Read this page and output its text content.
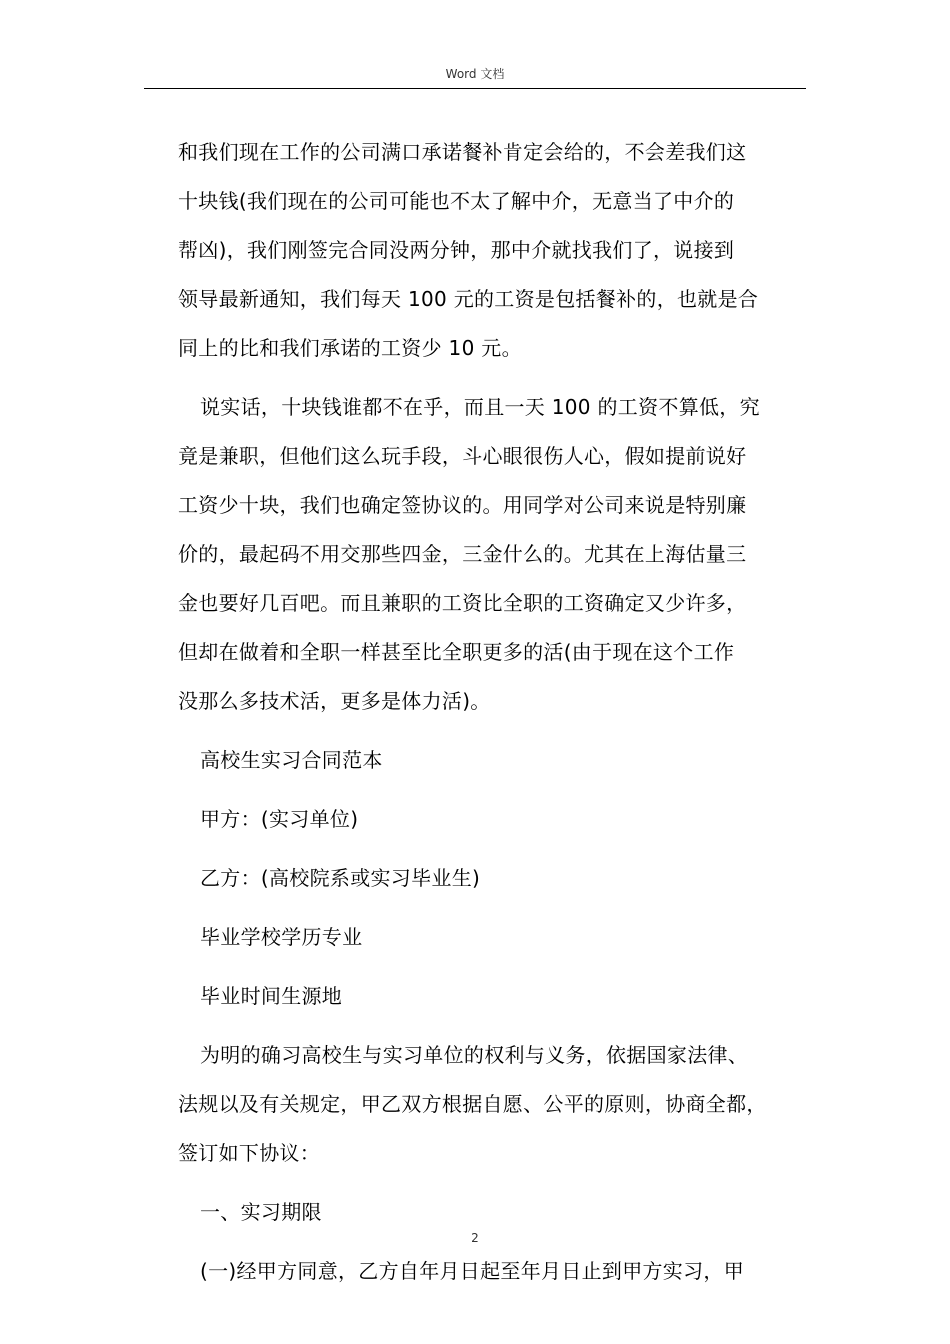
Word 文档

和我们现在工作的公司满口承诺餐补肯定会给的，不会差我们这
十块钱(我们现在的公司可能也不太了解中介，无意当了中介的
帮凶)，我们刚签完合同没两分钟，那中介就找我们了，说接到
领导最新通知，我们每天 100 元的工资是包括餐补的，也就是合
同上的比和我们承诺的工资少 10 元。

说实话，十块钱谁都不在乎，而且一天 100 的工资不算低，究
竟是兼职，但他们这么玩手段，斗心眼很伤人心，假如提前说好
工资少十块，我们也确定签协议的。用同学对公司来说是特别廉
价的，最起码不用交那些四金，三金什么的。尤其在上海估量三
金也要好几百吧。而且兼职的工资比全职的工资确定又少许多，
但却在做着和全职一样甚至比全职更多的活(由于现在这个工作
没那么多技术活，更多是体力活)。

高校生实习合同范本

甲方：(实习单位)

乙方：(高校院系或实习毕业生)

毕业学校学历专业

毕业时间生源地

为明的确习高校生与实习单位的权利与义务，依据国家法律、
法规以及有关规定，甲乙双方根据自愿、公平的原则，协商全都，
签订如下协议：

一、实习期限

(一)经甲方同意，乙方自年月日起至年月日止到甲方实习，甲

2
